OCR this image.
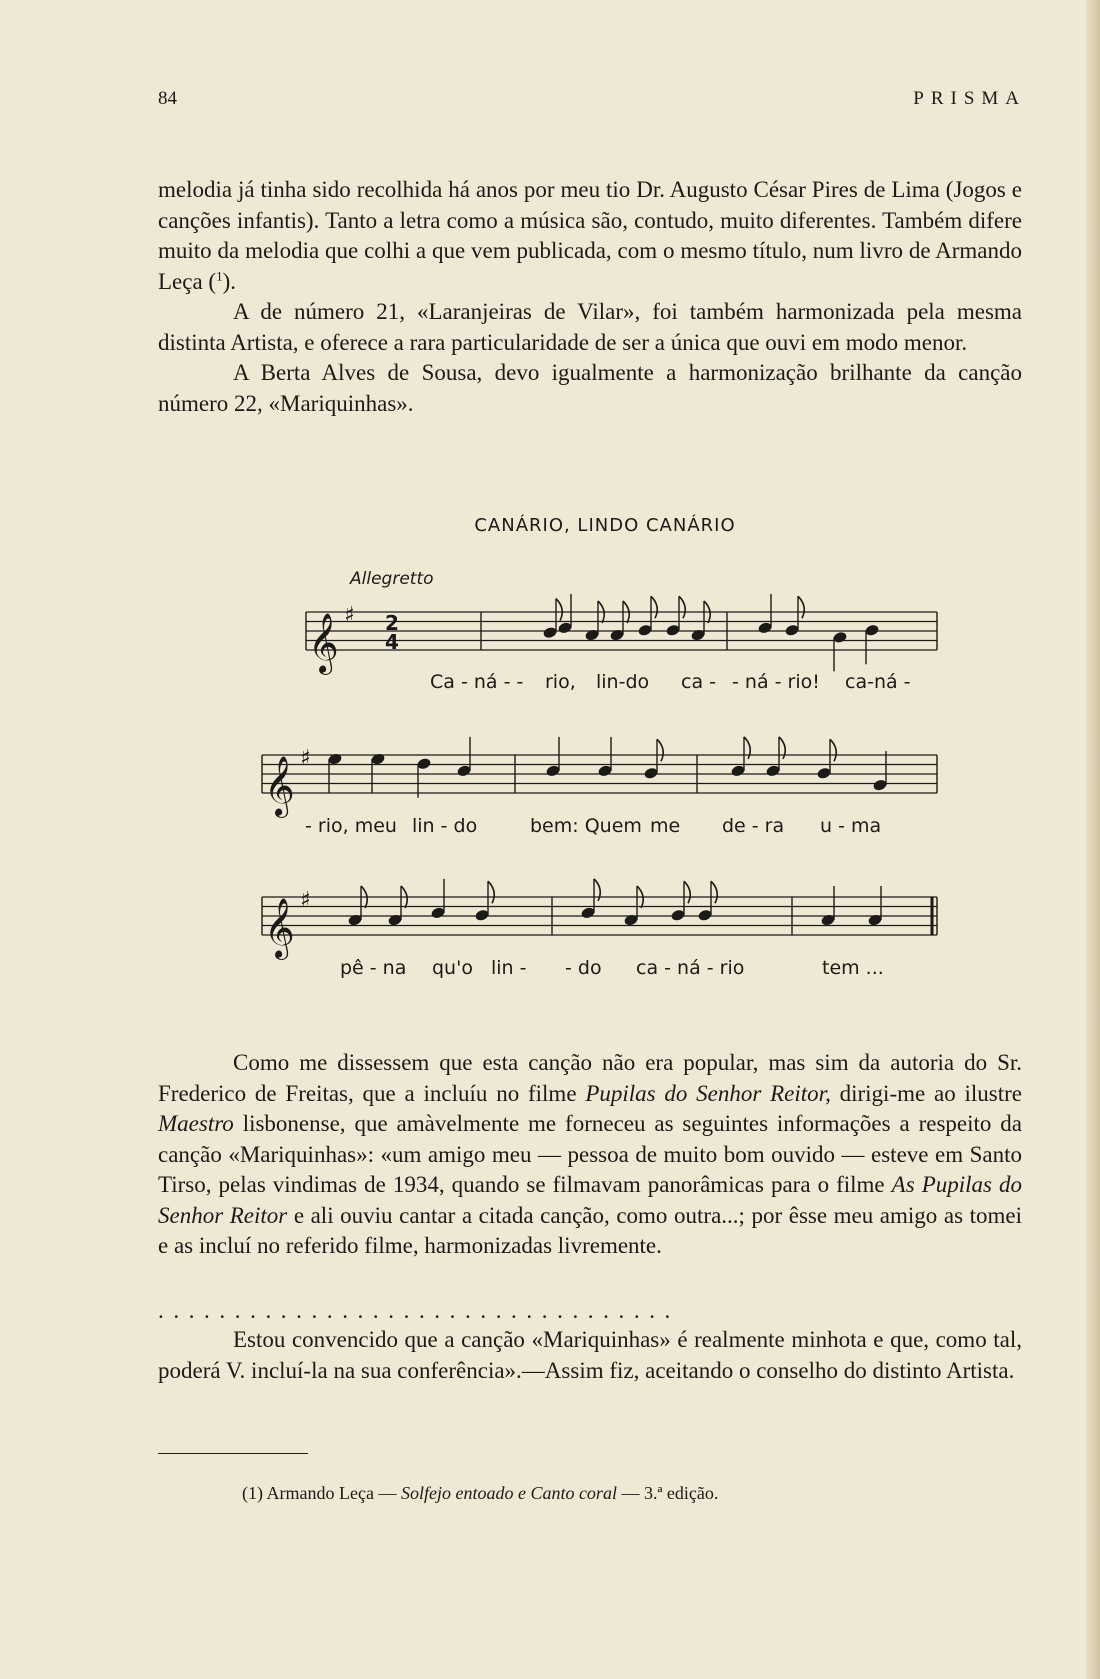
84	PRISMA

melodia já tinha sido recolhida há anos por meu tio Dr. Augusto César Pires de Lima (Jogos e canções infantis). Tanto a letra como a música são, contudo, muito diferentes. Também difere muito da melodia que colhi a que vem publicada, com o mesmo título, num livro de Armando Leça ($^1$).

A de número 21, «Laranjeiras de Vilar», foi também harmonizada pela mesma distinta Artista, e oferece a rara particularidade de ser a única que ouvi em modo menor.

A Berta Alves de Sousa, devo igualmente a harmonização brilhante da canção número 22, «Mariquinhas».

CANÁRIO, LINDO CANÁRIO
Allegretto
𝄞 ♯ 2
4
𝄞 ♯
𝄞 ♯
Ca - ná - - rio, lin-do ca - - ná - rio! ca-ná -
- rio, meu lin - do	bem: Quem me de - ra u - ma
pê - na qu'o lin - - do ca - ná - rio	tem ...

Como me dissessem que esta canção não era popular, mas sim da autoria do Sr. Frederico de Freitas, que a incluíu no filme Pupilas do Senhor Reitor, dirigi-me ao ilustre Maestro lisbonense, que amàvelmente me forneceu as seguintes informações a respeito da canção «Mariquinhas»: «um amigo meu — pessoa de muito bom ouvido — esteve em Santo Tirso, pelas vindimas de 1934, quando se filmavam panorâmicas para o filme As Pupilas do Senhor Reitor e ali ouviu cantar a citada canção, como outra...; por êsse meu amigo as tomei e as incluí no referido filme, harmonizadas livremente.

..................................

Estou convencido que a canção «Mariquinhas» é realmente minhota e que, como tal, poderá V. incluí-la na sua conferência».—Assim fiz, aceitando o conselho do distinto Artista.

(1) Armando Leça — Solfejo entoado e Canto coral — 3.ª edição.
